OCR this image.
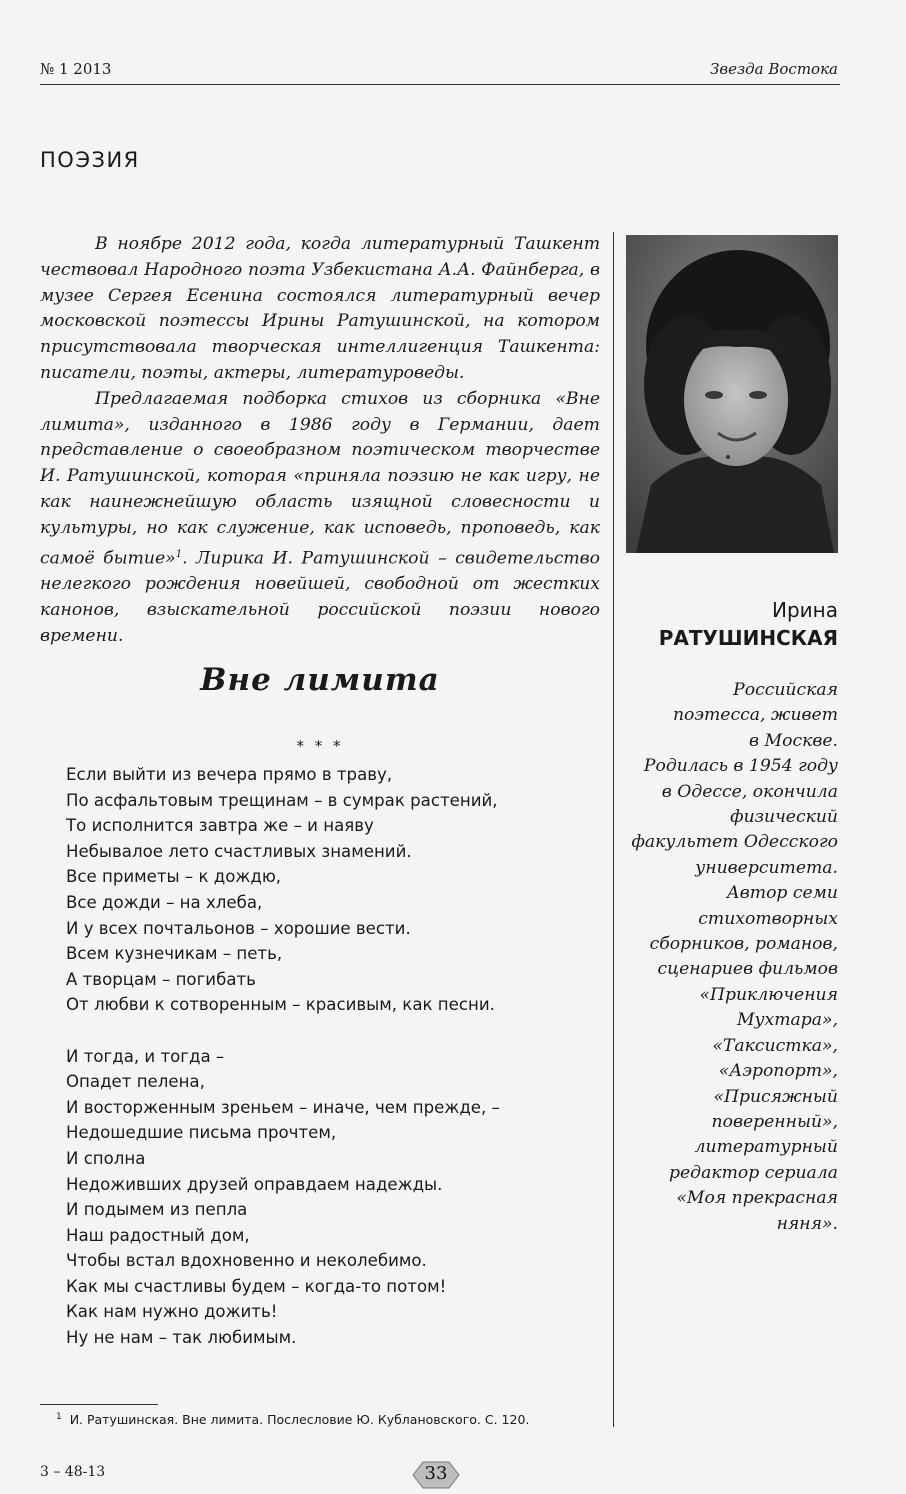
№ 1 2013	Звезда Востока
ПОЭЗИЯ

В ноябре 2012 года, когда литературный Ташкент чествовал Народного поэта Узбекистана А.А. Файнберга, в музее Сергея Есенина состоялся литературный вечер московской поэтессы Ирины Ратушинской, на котором присутствовала творческая интеллигенция Ташкента: писатели, поэты, актеры, литературоведы.

Предлагаемая подборка стихов из сборника «Вне лимита», изданного в 1986 году в Германии, дает представление о своеобразном поэтическом творчестве И. Ратушинской, которая «приняла поэзию не как игру, не как наинежнейшую область изящной словесности и культуры, но как служение, как исповедь, проповедь, как самоё бытие»$^1$. Лирика И. Ратушинской – свидетельство нелегкого рождения новейшей, свободной от жестких канонов, взыскательной российской поэзии нового времени.

Ирина
РАТУШИНСКАЯ
Российская
поэтесса, живет
в Москве.
Родилась в 1954 году
в Одессе, окончила
физический
факультет Одесского
университета.
Автор семи
стихотворных
сборников, романов,
сценариев фильмов
«Приключения
Мухтара»,
«Таксистка»,
«Аэропорт»,
«Присяжный
поверенный»,
литературный
редактор сериала
«Моя прекрасная
няня».
Вне лимита
* * *
Если выйти из вечера прямо в траву,
По асфальтовым трещинам – в сумрак растений,
То исполнится завтра же – и наяву
Небывалое лето счастливых знамений.
Все приметы – к дождю,
Все дожди – на хлеба,
И у всех почтальонов – хорошие вести.
Всем кузнечикам – петь,
А творцам – погибать
От любви к сотворенным – красивым, как песни.
И тогда, и тогда –
Опадет пелена,
И восторженным зреньем – иначе, чем прежде, –
Недошедшие письма прочтем,
И сполна
Недоживших друзей оправдаем надежды.
И подымем из пепла
Наш радостный дом,
Чтобы встал вдохновенно и неколебимо.
Как мы счастливы будем – когда-то потом!
Как нам нужно дожить!
Ну не нам – так любимым.
$^1$ И. Ратушинская. Вне лимита. Послесловие Ю. Кублановского. С. 120.
3 – 48-13	33
